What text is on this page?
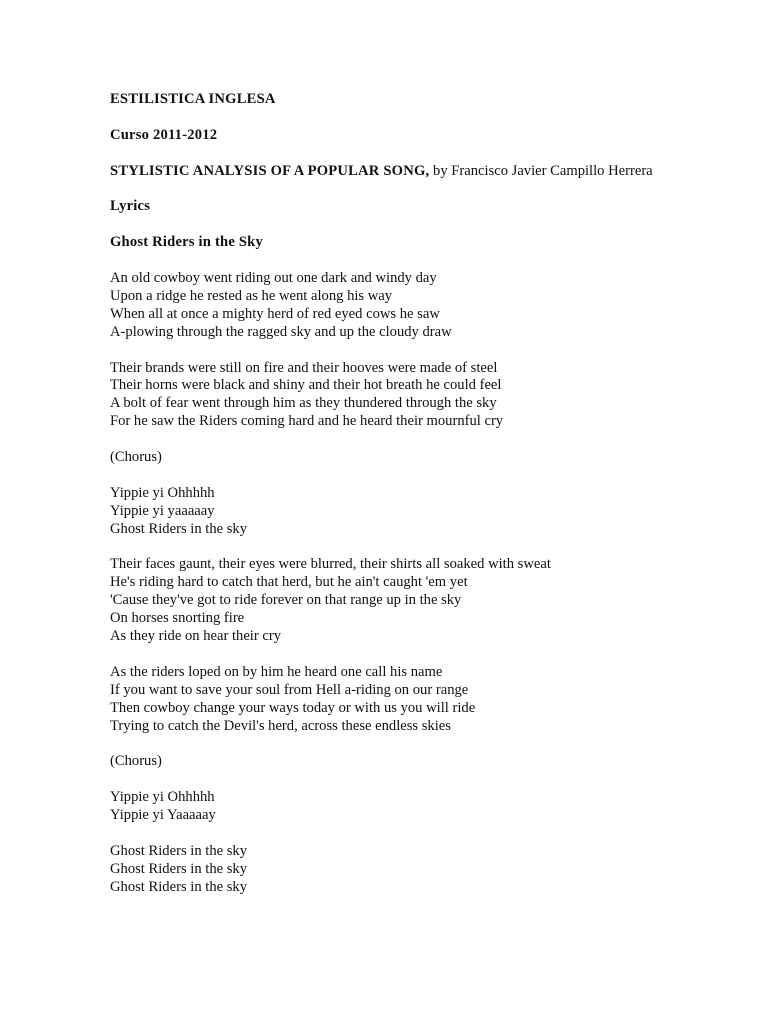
ESTILISTICA INGLESA

Curso 2011-2012

STYLISTIC ANALYSIS OF A POPULAR SONG, by Francisco Javier Campillo Herrera

Lyrics

Ghost Riders in the Sky

An old cowboy went riding out one dark and windy day
Upon a ridge he rested as he went along his way
When all at once a mighty herd of red eyed cows he saw
A-plowing through the ragged sky and up the cloudy draw
Their brands were still on fire and their hooves were made of steel
Their horns were black and shiny and their hot breath he could feel
A bolt of fear went through him as they thundered through the sky
For he saw the Riders coming hard and he heard their mournful cry
(Chorus)
Yippie yi Ohhhhh
Yippie yi yaaaaay
Ghost Riders in the sky
Their faces gaunt, their eyes were blurred, their shirts all soaked with sweat
He's riding hard to catch that herd, but he ain't caught 'em yet
'Cause they've got to ride forever on that range up in the sky
On horses snorting fire
As they ride on hear their cry
As the riders loped on by him he heard one call his name
If you want to save your soul from Hell a-riding on our range
Then cowboy change your ways today or with us you will ride
Trying to catch the Devil's herd, across these endless skies
(Chorus)
Yippie yi Ohhhhh
Yippie yi Yaaaaay
Ghost Riders in the sky
Ghost Riders in the sky
Ghost Riders in the sky
